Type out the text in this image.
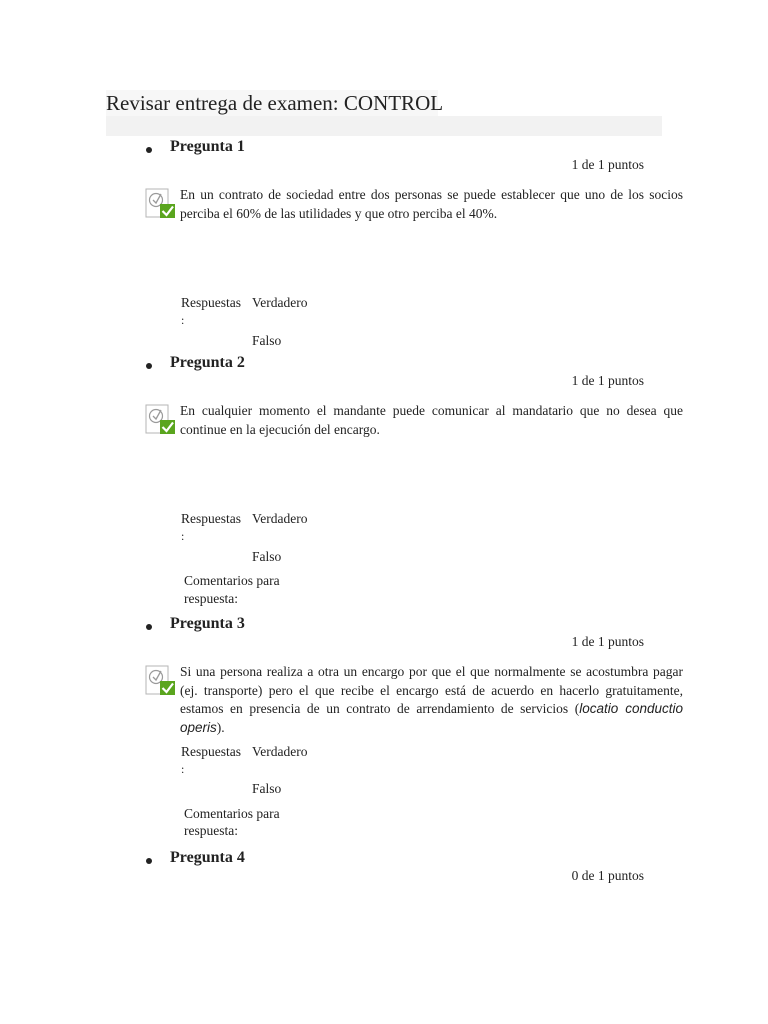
Revisar entrega de examen: CONTROL
Pregunta 1
1 de 1 puntos
En un contrato de sociedad entre dos personas se puede establecer que uno de los socios perciba el 60% de las utilidades y que otro perciba el 40%.
Respuestas
:
Verdadero
Falso
Pregunta 2
1 de 1 puntos
En cualquier momento el mandante puede comunicar al mandatario que no desea que continue en la ejecución del encargo.
Respuestas
:
Verdadero
Falso
Comentarios para
respuesta:
Pregunta 3
1 de 1 puntos
Si una persona realiza a otra un encargo por que el que normalmente se acostumbra pagar (ej. transporte) pero el que recibe el encargo está de acuerdo en hacerlo gratuitamente, estamos en presencia de un contrato de arrendamiento de servicios (locatio conductio operis).
Respuestas
:
Verdadero
Falso
Comentarios para
respuesta:
Pregunta 4
0 de 1 puntos
